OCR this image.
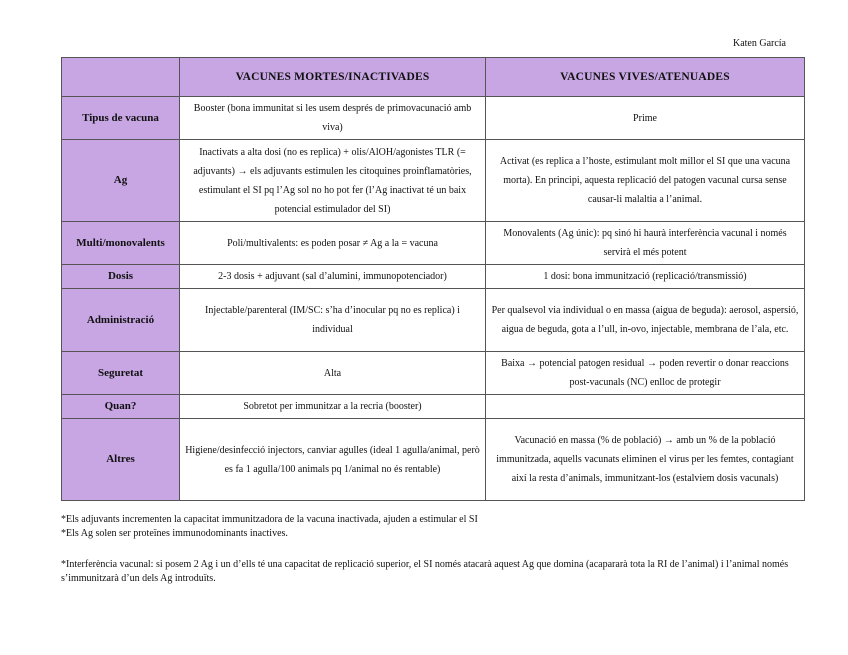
Katen García
	VACUNES MORTES/INACTIVADES	VACUNES VIVES/ATENUADES
Tipus de vacuna	Booster (bona immunitat si les usem després de primovacunació amb viva)	Prime
Ag	Inactivats a alta dosi (no es replica) + olis/AlOH/agonistes TLR (= adjuvants) → els adjuvants estimulen les citoquines proinflamatòries, estimulant el SI pq l’Ag sol no ho pot fer (l’Ag inactivat té un baix potencial estimulador del SI)	Activat (es replica a l’hoste, estimulant molt millor el SI que una vacuna morta). En principi, aquesta replicació del patogen vacunal cursa sense causar-li malaltia a l’animal.
Multi/monovalents	Poli/multivalents: es poden posar ≠ Ag a la = vacuna	Monovalents (Ag únic): pq sinó hi haurà interferència vacunal i només servirà el més potent
Dosis	2-3 dosis + adjuvant (sal d’alumini, immunopotenciador)	1 dosi: bona immunització (replicació/transmissió)
Administració	Injectable/parenteral (IM/SC: s’ha d’inocular pq no es replica) i individual	Per qualsevol via individual o en massa (aigua de beguda): aerosol, aspersió, aigua de beguda, gota a l’ull, in-ovo, injectable, membrana de l’ala, etc.
Seguretat	Alta	Baixa → potencial patogen residual → poden revertir o donar reaccions post-vacunals (NC) enlloc de protegir
Quan?	Sobretot per immunitzar a la recria (booster)	
Altres	Higiene/desinfecció injectors, canviar agulles (ideal 1 agulla/animal, però es fa 1 agulla/100 animals pq 1/animal no és rentable)	Vacunació en massa (% de població) → amb un % de la població immunitzada, aquells vacunats eliminen el virus per les femtes, contagiant així la resta d’animals, immunitzant-los (estalviem dosis vacunals)

*Els adjuvants incrementen la capacitat immunitzadora de la vacuna inactivada, ajuden a estimular el SI

*Els Ag solen ser proteïnes immunodominants inactives.

*Interferència vacunal: si posem 2 Ag i un d’ells té una capacitat de replicació superior, el SI només atacarà aquest Ag que domina (acapararà tota la RI de l’animal) i l’animal només s’immunitzarà d’un dels Ag introduïts.
